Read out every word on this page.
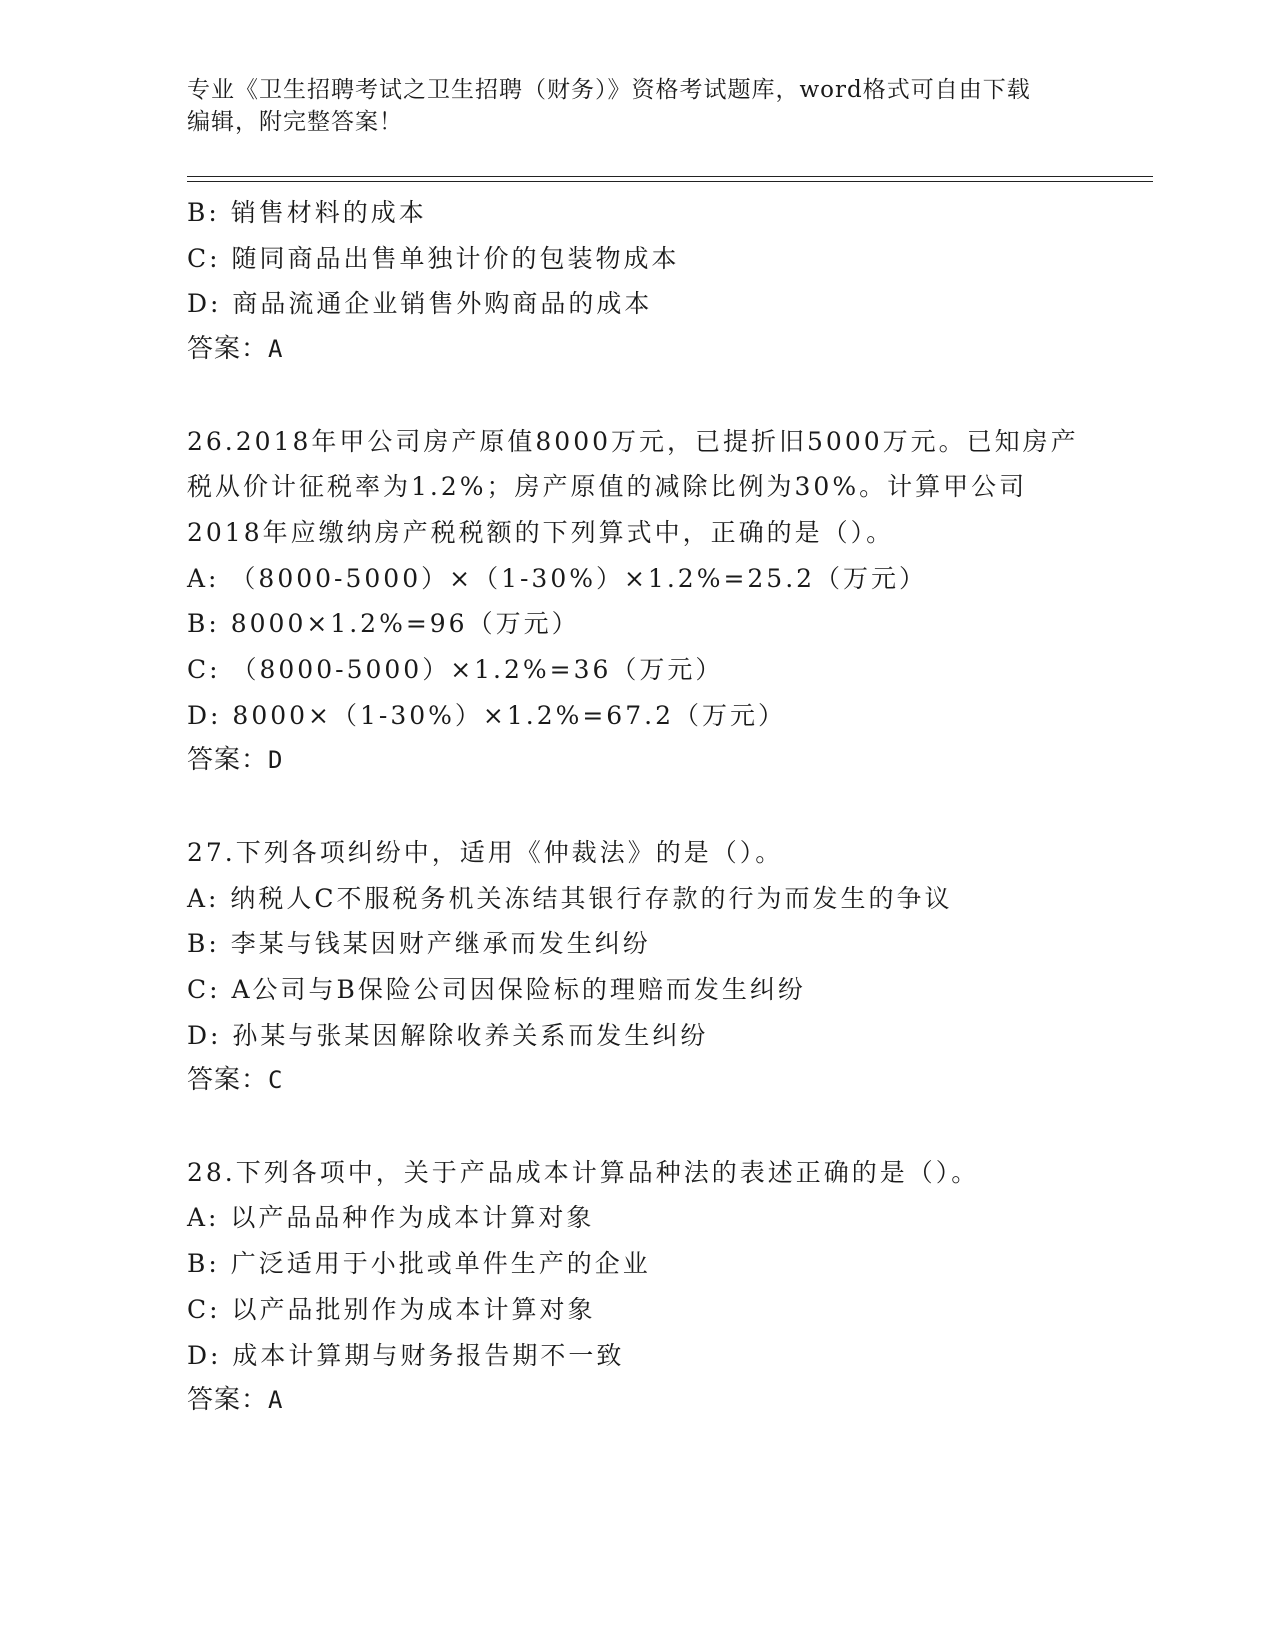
专业《卫生招聘考试之卫生招聘（财务）》资格考试题库，word格式可自由下载
编辑，附完整答案！
B: 销售材料的成本
C: 随同商品出售单独计价的包装物成本
D: 商品流通企业销售外购商品的成本
答案：A
26.2018年甲公司房产原值8000万元，已提折旧5000万元。已知房产
税从价计征税率为1.2%；房产原值的减除比例为30%。计算甲公司
2018年应缴纳房产税税额的下列算式中，正确的是（）。
A: （8000-5000）×（1-30%）×1.2%=25.2（万元）
B: 8000×1.2%=96（万元）
C: （8000-5000）×1.2%=36（万元）
D: 8000×（1-30%）×1.2%=67.2（万元）
答案：D
27.下列各项纠纷中，适用《仲裁法》的是（）。
A: 纳税人C不服税务机关冻结其银行存款的行为而发生的争议
B: 李某与钱某因财产继承而发生纠纷
C: A公司与B保险公司因保险标的理赔而发生纠纷
D: 孙某与张某因解除收养关系而发生纠纷
答案：C
28.下列各项中，关于产品成本计算品种法的表述正确的是（）。
A: 以产品品种作为成本计算对象
B: 广泛适用于小批或单件生产的企业
C: 以产品批别作为成本计算对象
D: 成本计算期与财务报告期不一致
答案：A
